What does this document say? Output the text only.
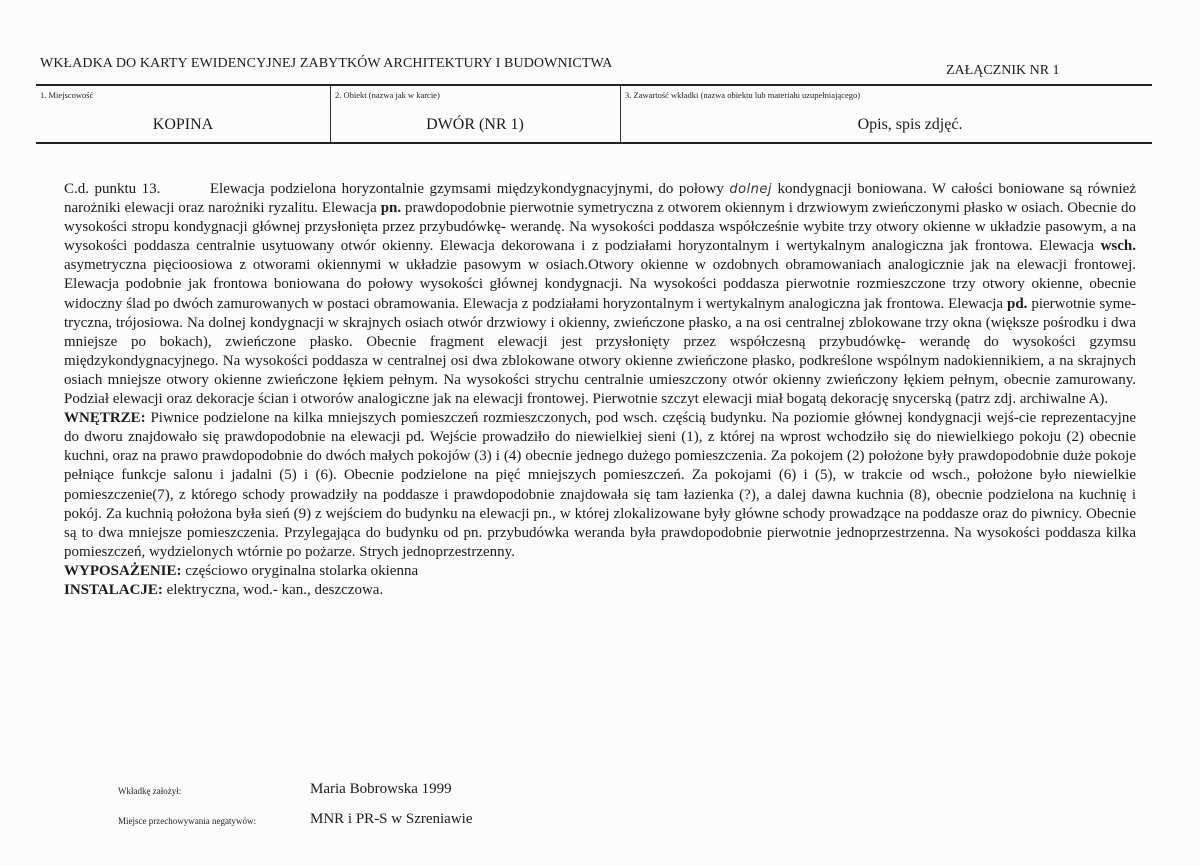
WKŁADKA DO KARTY EWIDENCYJNEJ ZABYTKÓW ARCHITEKTURY I BUDOWNICTWA	ZAŁĄCZNIK NR 1
1. Miejscowość
KOPINA
2. Obiekt (nazwa jak w karcie)
DWÓR (NR 1)
3. Zawartość wkładki (nazwa obiektu lub materiału uzupełniającego)
Opis, spis zdjęć.

C.d. punktu 13.	Elewacja podzielona horyzontalnie gzymsami międzykondygnacyjnymi, do połowy dolnej kondygnacji boniowana. W całości boniowane są również narożniki elewacji oraz narożniki ryzalitu. Elewacja pn. prawdopodobnie pierwotnie symetryczna z otworem okiennym i drzwiowym zwieńczonymi płasko w osiach. Obecnie do wysokości stropu kondygnacji głównej przysłonięta przez przybudówkę- werandę. Na wysokości poddasza współcześnie wybite trzy otwory okienne w układzie pasowym, a na wysokości poddasza centralnie usytuowany otwór okienny. Elewacja dekorowana i z podziałami horyzontalnym i wertykalnym analogiczna jak frontowa. Elewacja wsch. asymetryczna pięcioosiowa z otworami okiennymi w układzie pasowym w osiach.Otwory okienne w ozdobnych obramowaniach analogicznie jak na elewacji frontowej. Elewacja podobnie jak frontowa boniowana do połowy wysokości głównej kondygnacji. Na wysokości poddasza pierwotnie rozmieszczone trzy otwory okienne, obecnie widoczny ślad po dwóch zamurowanych w postaci obramowania. Elewacja z podziałami horyzontalnym i wertykalnym analogiczna jak frontowa. Elewacja pd. pierwotnie syme-tryczna, trójosiowa. Na dolnej kondygnacji w skrajnych osiach otwór drzwiowy i okienny, zwieńczone płasko, a na osi centralnej zblokowane trzy okna (większe pośrodku i dwa mniejsze po bokach), zwieńczone płasko. Obecnie fragment elewacji jest przysłonięty przez współczesną przybudówkę- werandę do wysokości gzymsu międzykondygnacyjnego. Na wysokości poddasza w centralnej osi dwa zblokowane otwory okienne zwieńczone płasko, podkreślone wspólnym nadokiennikiem, a na skrajnych osiach mniejsze otwory okienne zwieńczone łękiem pełnym. Na wysokości strychu centralnie umieszczony otwór okienny zwieńczony łękiem pełnym, obecnie zamurowany. Podział elewacji oraz dekoracje ścian i otworów analogiczne jak na elewacji frontowej. Pierwotnie szczyt elewacji miał bogatą dekorację snycerską (patrz zdj. archiwalne A).

WNĘTRZE: Piwnice podzielone na kilka mniejszych pomieszczeń rozmieszczonych, pod wsch. częścią budynku. Na poziomie głównej kondygnacji wejś-cie reprezentacyjne do dworu znajdowało się prawdopodobnie na elewacji pd. Wejście prowadziło do niewielkiej sieni (1), z której na wprost wchodziło się do niewielkiego pokoju (2) obecnie kuchni, oraz na prawo prawdopodobnie do dwóch małych pokojów (3) i (4) obecnie jednego dużego pomieszczenia. Za pokojem (2) położone były prawdopodobnie duże pokoje pełniące funkcje salonu i jadalni (5) i (6). Obecnie podzielone na pięć mniejszych pomieszczeń. Za pokojami (6) i (5), w trakcie od wsch., położone było niewielkie pomieszczenie(7), z którego schody prowadziły na poddasze i prawdopodobnie znajdowała się tam łazienka (?), a dalej dawna kuchnia (8), obecnie podzielona na kuchnię i pokój. Za kuchnią położona była sień (9) z wejściem do budynku na elewacji pn., w której zlokalizowane były główne schody prowadzące na poddasze oraz do piwnicy. Obecnie są to dwa mniejsze pomieszczenia. Przylegająca do budynku od pn. przybudówka weranda była prawdopodobnie pierwotnie jednoprzestrzenna. Na wysokości poddasza kilka pomieszczeń, wydzielonych wtórnie po pożarze. Strych jednoprzestrzenny.

WYPOSAŻENIE: częściowo oryginalna stolarka okienna

INSTALACJE: elektryczna, wod.- kan., deszczowa.

Wkładkę założył:	Maria Bobrowska 1999
Miejsce przechowywania negatywów:	MNR i PR-S w Szreniawie
